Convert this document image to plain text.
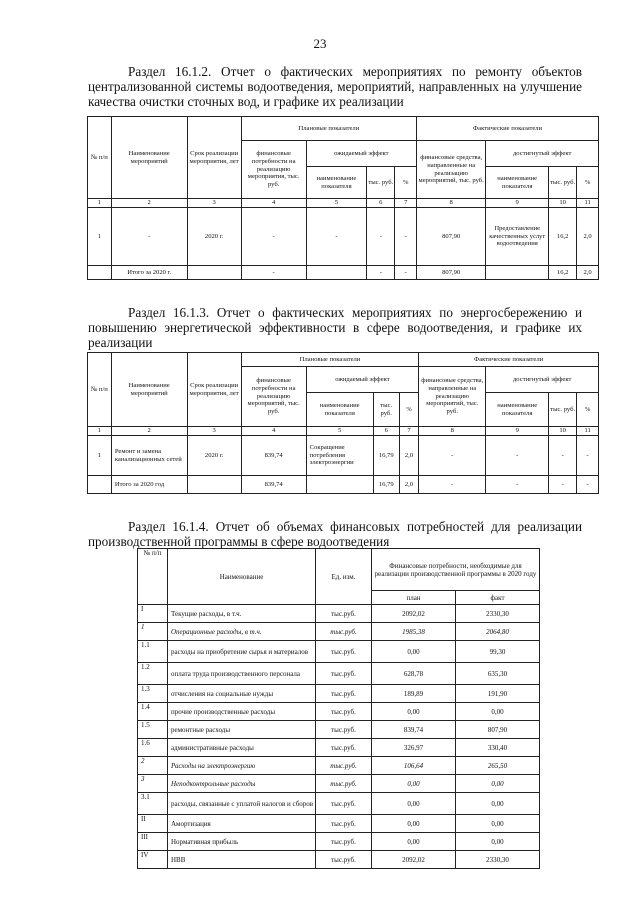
23
Раздел 16.1.2. Отчет о фактических мероприятиях по ремонту объектов централизованной системы водоотведения, мероприятий, направленных на улучшение качества очистки сточных вод, и графике их реализации
№ п/п	Наименование мероприятий	Срок реализации мероприятия, лет	Плановые показатели				Фактические показатели			
			финансовые потребности на реализацию мероприятия, тыс. руб.	ожидаемый эффект			финансовые средства, направленные на реализацию мероприятий, тыс. руб.	достигнутый эффект		
				наименование показателя	тыс. руб.	%		наименование показателя	тыс. руб.	%
1	2	3	4	5	6	7	8	9	10	11
1	-	2020 г.	-	-	-	-	807,90	Предоставление качественных услуг водоотведения	16,2	2,0
	Итого за 2020 г.		-		-	-	807,90		16,2	2,0
Раздел 16.1.3. Отчет о фактических мероприятиях по энергосбережению и повышению энергетической эффективности в сфере водоотведения, и графике их реализации
№ п/п	Наименование мероприятий	Срок реализации мероприятия, лет	Плановые показатели				Фактические показатели			
			финансовые потребности на реализацию мероприятий, тыс. руб.	ожидаемый эффект			финансовые средства, направленные на реализацию мероприятий, тыс. руб.	достигнутый эффект		
				наименование показателя	тыс. руб.	%		наименование показателя	тыс. руб.	%
1	2	3	4	5	6	7	8	9	10	11
1	Ремонт и замена канализационных сетей	2020 г.	839,74	Сокращение потребления электроэнергии	16,79	2,0	-	-	-	-
	Итого за 2020 год		839,74		16,79	2,0	-	-	-	-
Раздел 16.1.4. Отчет об объемах финансовых потребностей для реализации производственной программы в сфере водоотведения
№ п/п	Наименование	Ед. изм.	Финансовые потребности, необходимые для реализации производственной программы в 2020 году	
			план	факт
I	Текущие расходы, в т.ч.	тыс.руб.	2092,02	2330,30
1	Операционные расходы, в т.ч.	тыс.руб.	1985,38	2064,80
1.1	расходы на приобретение сырья и материалов	тыс.руб.	0,00	99,30
1.2	оплата труда производственного персонала	тыс.руб.	628,78	635,30
1.3	отчисления на социальные нужды	тыс.руб.	189,89	191,90
1.4	прочие производственные расходы	тыс.руб.	0,00	0,00
1.5	ремонтные расходы	тыс.руб.	839,74	807,90
1.6	административные расходы	тыс.руб.	326,97	330,40
2	Расходы на электроэнергию	тыс.руб.	106,64	265,50
3	Неподконтрольные расходы	тыс.руб.	0,00	0,00
3.1	расходы, связанные с уплатой налогов и сборов	тыс.руб.	0,00	0,00
II	Амортизация	тыс.руб.	0,00	0,00
III	Нормативная прибыль	тыс.руб.	0,00	0,00
IV	НВВ	тыс.руб.	2092,02	2330,30
